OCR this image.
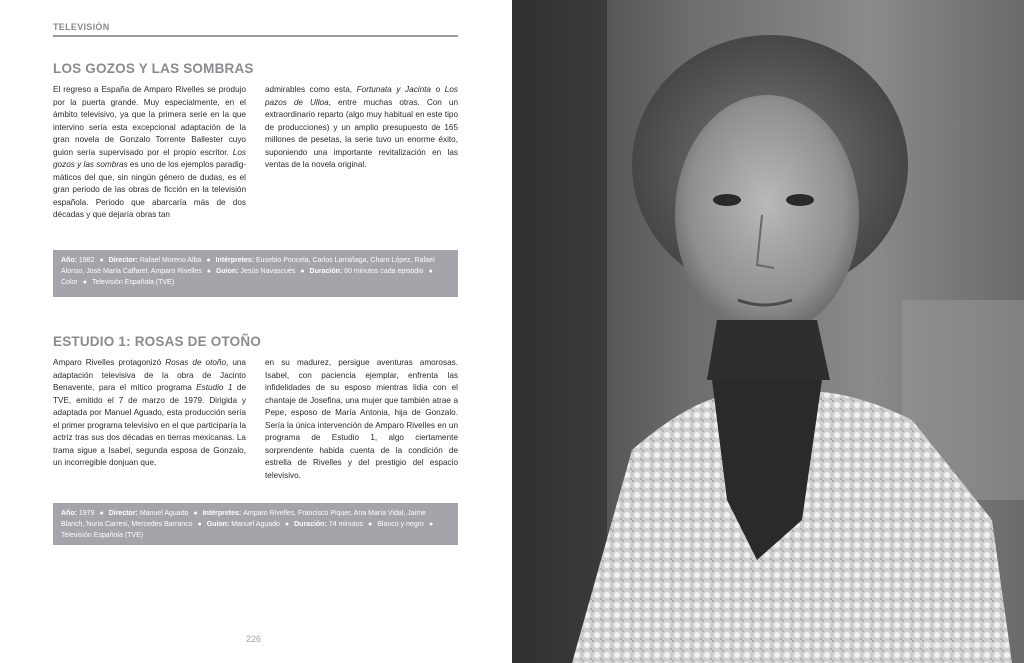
TELEVISIÓN
LOS GOZOS Y LAS SOMBRAS
El regreso a España de Amparo Rivelles se produjo por la puerta grande. Muy especialmente, en el ámbito televisivo, ya que la primera serie en la que intervino sería esta excepcional adaptación de la gran novela de Gonzalo Torrente Ballester cuyo guion sería supervisado por el propio escritor. Los gozos y las sombras es uno de los ejemplos paradigmáticos del que, sin ningún género de dudas, es el gran periodo de las obras de ficción en la televisión española. Periodo que abarcaría más de dos décadas y que dejaría obras tan
admirables como esta, Fortunata y Jacinta o Los pazos de Ulloa, entre muchas otras. Con un extraordinario reparto (algo muy habitual en este tipo de producciones) y un amplio presupuesto de 165 millones de pesetas, la serie tuvo un enorme éxito, suponiendo una importante revitalización en las ventas de la novela original.
Año: 1982 ● Director: Rafael Moreno Alba ● Intérpretes: Eusebio Poncela, Carlos Larrañaga, Charo López, Rafael Alonso, José María Caffarel, Amparo Rivelles ● Guion: Jesús Navascués ● Duración: 60 minutos cada episodio ●Color ● Televisión Española (TVE)
ESTUDIO 1: ROSAS DE OTOÑO
Amparo Rivelles protagonizó Rosas de otoño, una adaptación televisiva de la obra de Jacinto Benavente, para el mítico programa Estudio 1 de TVE, emitido el 7 de marzo de 1979. Dirigida y adaptada por Manuel Aguado, esta producción sería el primer programa televisivo en el que participaría la actriz tras sus dos décadas en tierras mexicanas. La trama sigue a Isabel, segunda esposa de Gonzalo, un incorregible donjuan que,
en su madurez, persigue aventuras amorosas. Isabel, con paciencia ejemplar, enfrenta las infidelidades de su esposo mientras lidia con el chantaje de Josefina, una mujer que también atrae a Pepe, esposo de María Antonia, hija de Gonzalo. Sería la única intervención de Amparo Rivelles en un programa de Estudio 1, algo ciertamente sorprendente habida cuenta de la condición de estrella de Rivelles y del prestigio del espacio televisivo.
Año: 1979 ● Director: Manuel Aguado ● Intérpretes: Amparo Rivelles, Francisco Piquer, Ana María Vidal, Jaime Blanch, Nuria Carresi, Mercedes Barranco ● Guion: Manuel Aguado ● Duración: 74 minutos ● Blanco y negro ●Televisión Española (TVE)
226
Los gozos y las sombras
